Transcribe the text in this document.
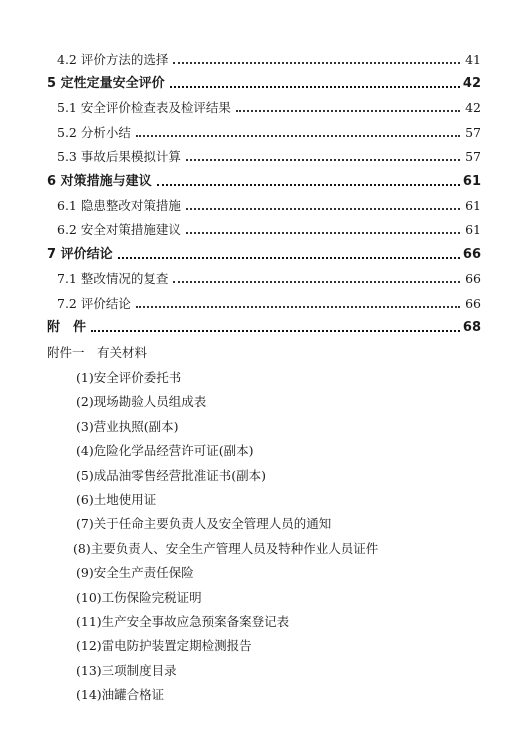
4.2 评价方法的选择	41
5 定性定量安全评价	42
5.1 安全评价检查表及检评结果	42
5.2 分析小结	57
5.3 事故后果模拟计算	57
6 对策措施与建议	61
6.1 隐患整改对策措施	61
6.2 安全对策措施建议	61
7 评价结论	66
7.1 整改情况的复查	66
7.2 评价结论	66
附　件	68
附件一　有关材料
(1)安全评价委托书
(2)现场勘验人员组成表
(3)营业执照(副本)
(4)危险化学品经营许可证(副本)
(5)成品油零售经营批准证书(副本)
(6)土地使用证
(7)关于任命主要负责人及安全管理人员的通知
(8)主要负责人、安全生产管理人员及特种作业人员证件
(9)安全生产责任保险
(10)工伤保险完税证明
(11)生产安全事故应急预案备案登记表
(12)雷电防护装置定期检测报告
(13)三项制度目录
(14)油罐合格证
